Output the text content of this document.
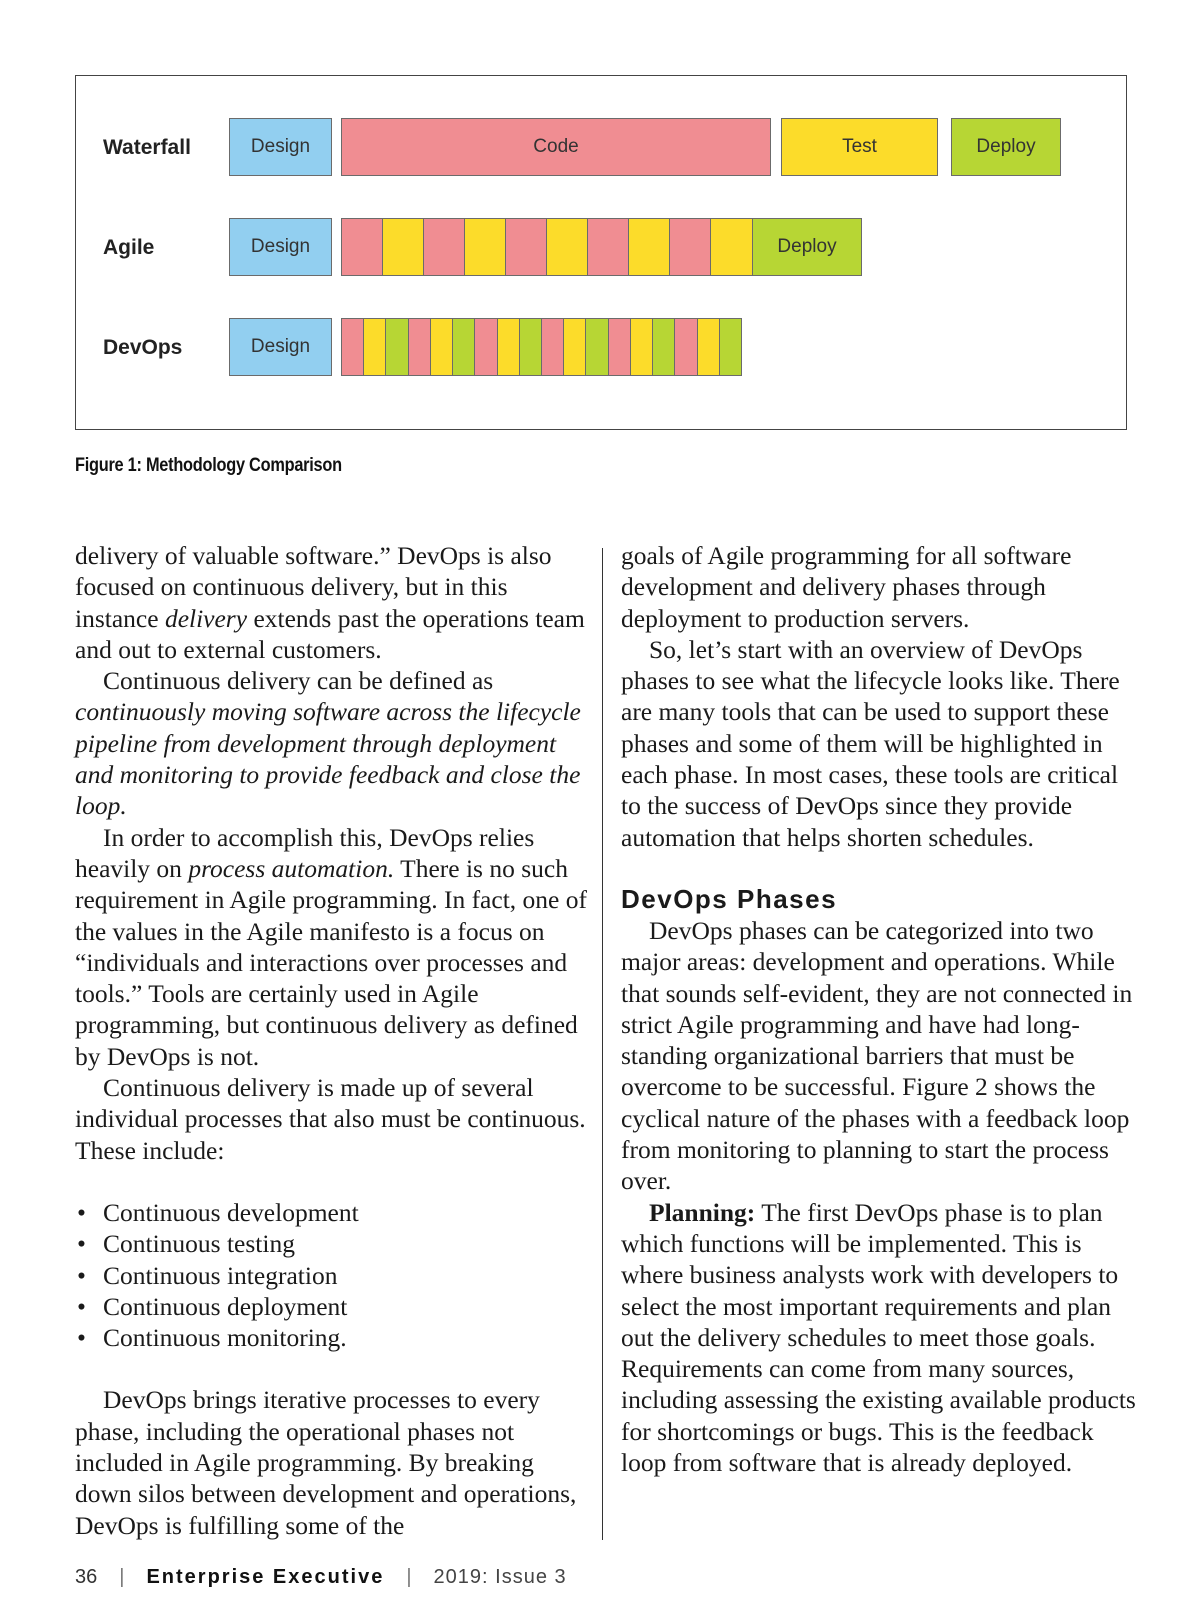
Waterfall	Design	Code	Test	Deploy
Agile	Design	Deploy
DevOps	Design
Figure 1: Methodology Comparison

delivery of valuable software.” DevOps is also focused on continuous delivery, but in this instance delivery extends past the operations team and out to external customers.

Continuous delivery can be defined as continuously moving software across the lifecycle pipeline from development through deployment and monitoring to provide feedback and close the loop.

In order to accomplish this, DevOps relies heavily on process automation. There is no such requirement in Agile programming. In fact, one of the values in the Agile manifesto is a focus on “individuals and interactions over processes and tools.” Tools are certainly used in Agile programming, but continuous delivery as defined by DevOps is not.

Continuous delivery is made up of several individual processes that also must be continuous. These include:

• Continuous development
• Continuous testing
• Continuous integration
• Continuous deployment
• Continuous monitoring.

DevOps brings iterative processes to every phase, including the operational phases not included in Agile programming. By breaking down silos between development and operations, DevOps is fulfilling some of the

goals of Agile programming for all software development and delivery phases through deployment to production servers.

So, let’s start with an overview of DevOps phases to see what the lifecycle looks like. There are many tools that can be used to support these phases and some of them will be highlighted in each phase. In most cases, these tools are critical to the success of DevOps since they provide automation that helps shorten schedules.

DevOps Phases

DevOps phases can be categorized into two major areas: development and operations. While that sounds self-evident, they are not connected in strict Agile programming and have had long-standing organizational barriers that must be overcome to be successful. Figure 2 shows the cyclical nature of the phases with a feedback loop from monitoring to planning to start the process over.

Planning: The first DevOps phase is to plan which functions will be implemented. This is where business analysts work with developers to select the most important requirements and plan out the delivery schedules to meet those goals. Requirements can come from many sources, including assessing the existing available products for shortcomings or bugs. This is the feedback loop from software that is already deployed.

36 | Enterprise Executive | 2019: Issue 3
